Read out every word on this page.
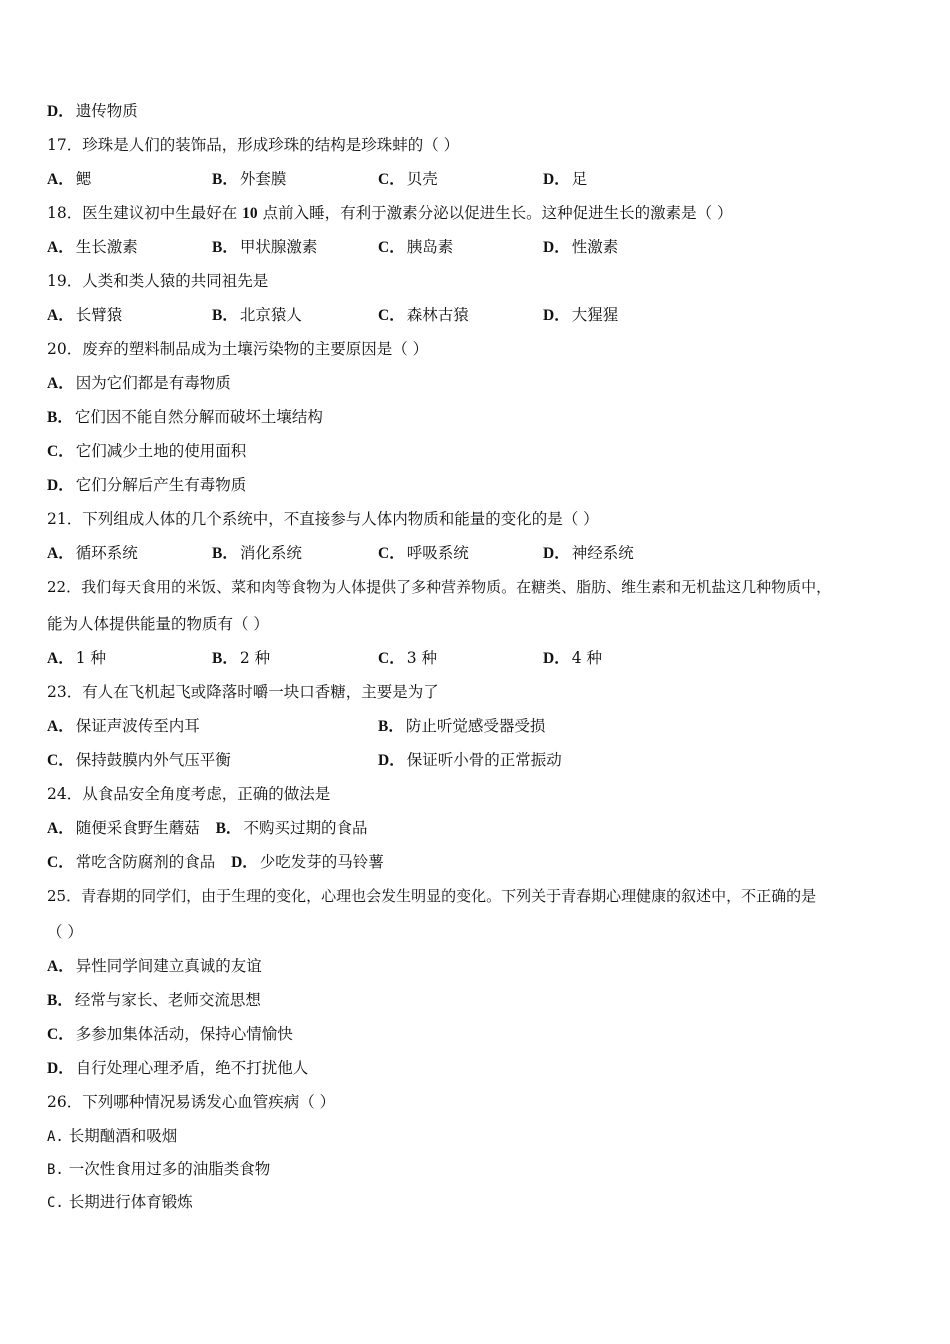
D． 遗传物质
17．珍珠是人们的装饰品，形成珍珠的结构是珍珠蚌的（ ）
A． 鳃	B． 外套膜	C． 贝壳	D． 足
18．医生建议初中生最好在 10 点前入睡，有利于激素分泌以促进生长。这种促进生长的激素是（ ）
A． 生长激素	B． 甲状腺激素	C． 胰岛素	D． 性激素
19．人类和类人猿的共同祖先是
A． 长臂猿	B． 北京猿人	C． 森林古猿	D． 大猩猩
20．废弃的塑料制品成为土壤污染物的主要原因是（ ）
A． 因为它们都是有毒物质
B． 它们因不能自然分解而破坏土壤结构
C． 它们减少土地的使用面积
D． 它们分解后产生有毒物质
21．下列组成人体的几个系统中，不直接参与人体内物质和能量的变化的是（ ）
A． 循环系统	B． 消化系统	C． 呼吸系统	D． 神经系统
22．我们每天食用的米饭、菜和肉等食物为人体提供了多种营养物质。在糖类、脂肪、维生素和无机盐这几种物质中，
能为人体提供能量的物质有（ ）
A． 1 种	B． 2 种	C． 3 种	D． 4 种
23．有人在飞机起飞或降落时嚼一块口香糖，主要是为了
A． 保证声波传至内耳	B． 防止听觉感受器受损
C． 保持鼓膜内外气压平衡	D． 保证听小骨的正常振动
24．从食品安全角度考虑，正确的做法是
A． 随便采食野生蘑菇 B． 不购买过期的食品
C． 常吃含防腐剂的食品 D． 少吃发芽的马铃薯
25．青春期的同学们，由于生理的变化，心理也会发生明显的变化。下列关于青春期心理健康的叙述中，不正确的是
（ ）
A． 异性同学间建立真诚的友谊
B． 经常与家长、老师交流思想
C． 多参加集体活动，保持心情愉快
D． 自行处理心理矛盾，绝不打扰他人
26．下列哪种情况易诱发心血管疾病（ ）
A. 长期酗酒和吸烟
B. 一次性食用过多的油脂类食物
C. 长期进行体育锻炼
